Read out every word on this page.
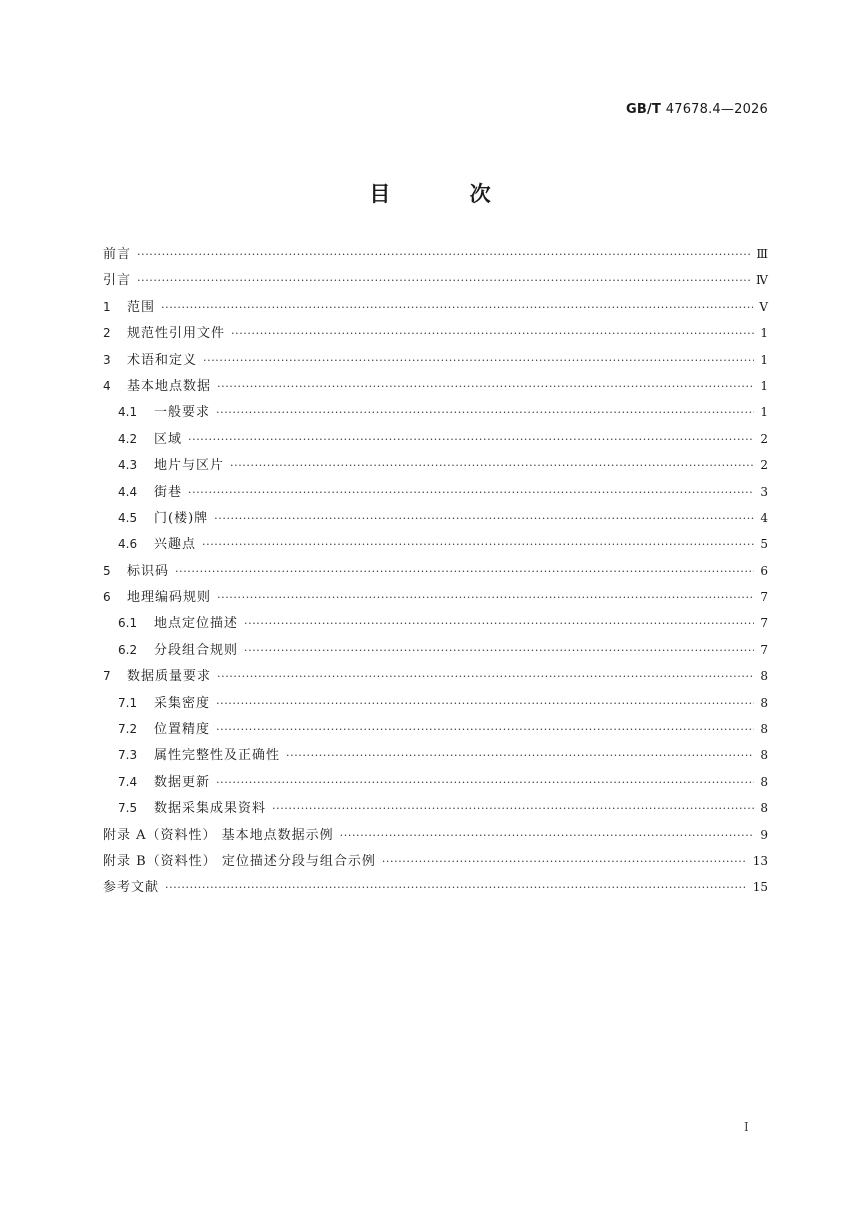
GB/T 47678.4—2026
目 次
前言 ·····	Ⅲ
引言 ·····	Ⅳ
1 范围 ·····	Ⅴ
2 规范性引用文件 ·····	1
3 术语和定义 ·····	1
4 基本地点数据 ·····	1
4.1 一般要求 ·····	1
4.2 区域 ·····	2
4.3 地片与区片 ·····	2
4.4 街巷 ·····	3
4.5 门(楼)牌 ·····	4
4.6 兴趣点 ·····	5
5 标识码 ·····	6
6 地理编码规则 ·····	7
6.1 地点定位描述 ·····	7
6.2 分段组合规则 ·····	7
7 数据质量要求 ·····	8
7.1 采集密度 ·····	8
7.2 位置精度 ·····	8
7.3 属性完整性及正确性 ·····	8
7.4 数据更新 ·····	8
7.5 数据采集成果资料 ·····	8
附录 A（资料性） 基本地点数据示例 ·····	9
附录 B（资料性） 定位描述分段与组合示例 ·····	13
参考文献 ·····	15
I
